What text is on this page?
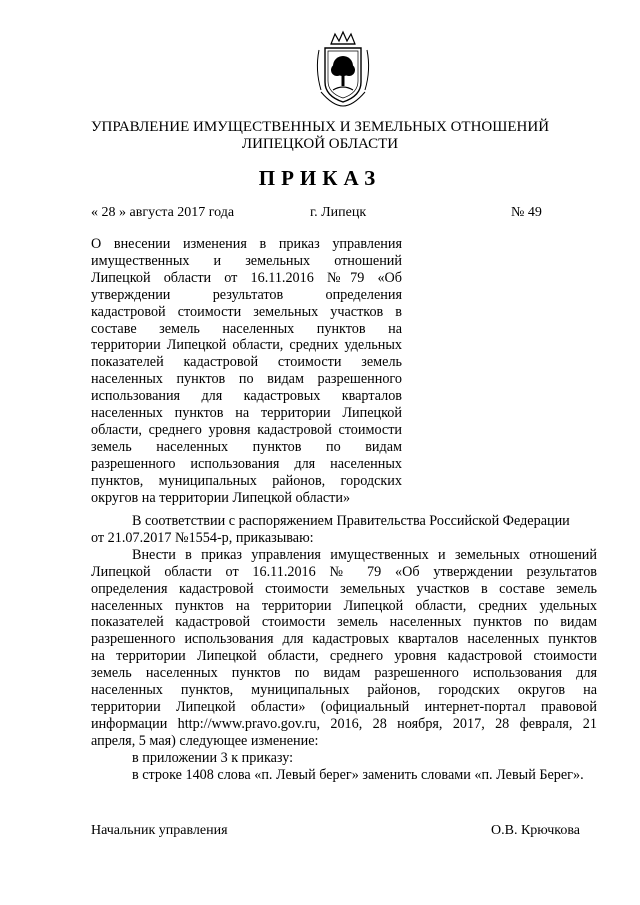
УПРАВЛЕНИЕ ИМУЩЕСТВЕННЫХ И ЗЕМЕЛЬНЫХ ОТНОШЕНИЙ
ЛИПЕЦКОЙ ОБЛАСТИ
ПРИКАЗ
« 28 » августа 2017 года	г. Липецк	№ 49
О внесении изменения в приказ управления
имущественных и земельных отношений
Липецкой области от 16.11.2016 №79 «Об
утверждении результатов определения
кадастровой стоимости земельных участков в
составе земель населенных пунктов на
территории Липецкой области, средних удельных
показателей кадастровой стоимости земель
населенных пунктов по видам разрешенного
использования для кадастровых кварталов
населенных пунктов на территории Липецкой
области, среднего уровня кадастровой стоимости
земель населенных пунктов по видам
разрешенного использования для населенных
пунктов, муниципальных районов, городских
округов на территории Липецкой области»
В соответствии с распоряжением Правительства Российской Федерации
от 21.07.2017 №1554-р, приказываю:
Внести в приказ управления имущественных и земельных отношений
Липецкой области от 16.11.2016 № 79 «Об утверждении результатов
определения кадастровой стоимости земельных участков в составе земель
населенных пунктов на территории Липецкой области, средних удельных
показателей кадастровой стоимости земель населенных пунктов по видам
разрешенного использования для кадастровых кварталов населенных пунктов
на территории Липецкой области, среднего уровня кадастровой стоимости
земель населенных пунктов по видам разрешенного использования для
населенных пунктов, муниципальных районов, городских округов на
территории Липецкой области» (официальный интернет-портал правовой
информации http://www.pravo.gov.ru, 2016, 28 ноября, 2017, 28 февраля, 21
апреля, 5 мая) следующее изменение:
в приложении 3 к приказу:
в строке 1408 слова «п. Левый берег» заменить словами «п. Левый Берег».
Начальник управления	О.В. Крючкова
